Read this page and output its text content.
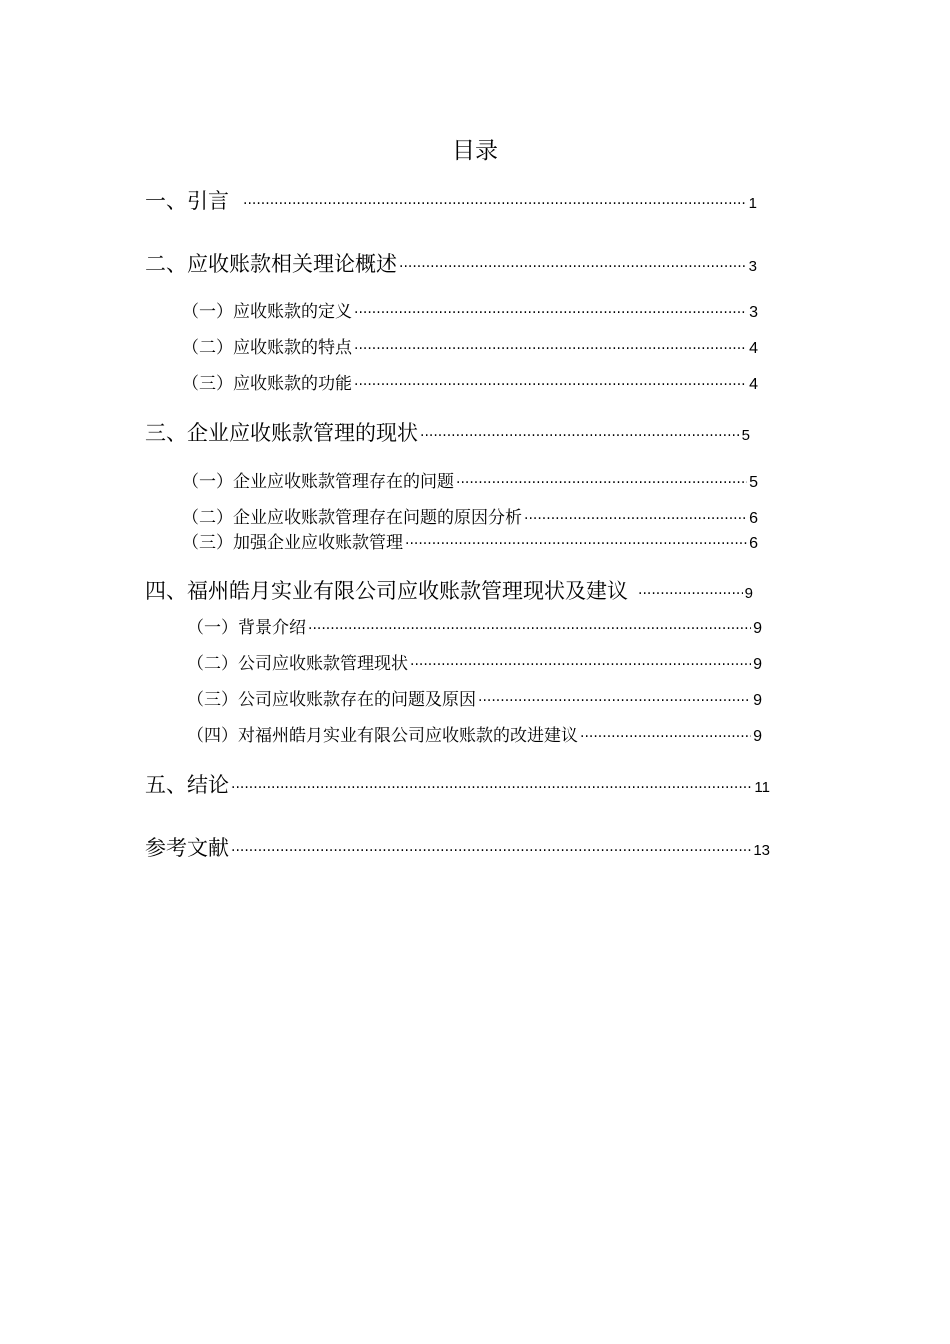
目录
一、引言 ·····	1
二、应收账款相关理论概述 ·····	3
（一）应收账款的定义 ·····	3
（二）应收账款的特点 ·····	4
（三）应收账款的功能 ·····	4
三、企业应收账款管理的现状 ·····	5
（一）企业应收账款管理存在的问题 ·····	5
（二）企业应收账款管理存在问题的原因分析 ·····	6
（三）加强企业应收账款管理 ·····	6
四、福州皓月实业有限公司应收账款管理现状及建议 ·····	9
（一）背景介绍 ·····	9
（二）公司应收账款管理现状 ·····	9
（三）公司应收账款存在的问题及原因 ·····	9
（四）对福州皓月实业有限公司应收账款的改进建议 ·····	9
五、结论 ·····	11
参考文献 ·····	13
